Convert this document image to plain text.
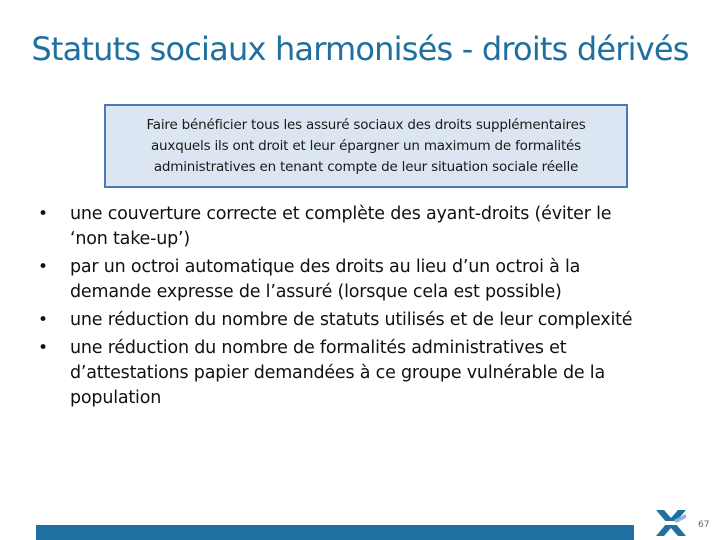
Statuts sociaux harmonisés - droits dérivés
Faire bénéficier tous les assuré sociaux des droits supplémentaires
auxquels ils ont droit et leur épargner un maximum de formalités
administratives en tenant compte de leur situation sociale réelle
• une couverture correcte et complète des ayant-droits (éviter le
‘non take-up’)
• par un octroi automatique des droits au lieu d’un octroi à la
demande expresse de l’assuré (lorsque cela est possible)
• une réduction du nombre de statuts utilisés et de leur complexité
• une réduction du nombre de formalités administratives et
d’attestations papier demandées à ce groupe vulnérable de la
population
67
